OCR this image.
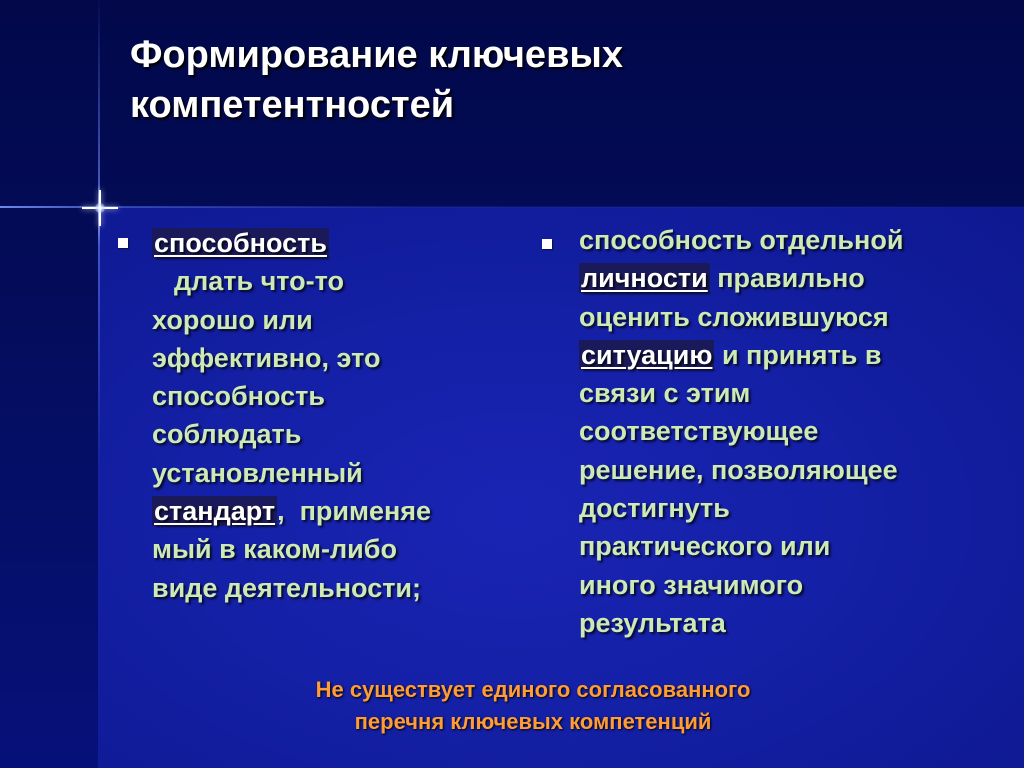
Формирование ключевых
компетентностей
способность
длать что-то
хорошо или
эффективно, это
способность
соблюдать
установленный
стандарт,  применяе
мый в каком-либо
виде деятельности;
способность отдельной
личности правильно
оценить сложившуюся
ситуацию и принять в
связи с этим
соответствующее
решение, позволяющее
достигнуть
практического или
иного значимого
результата
Не существует единого согласованного
перечня ключевых компетенций
